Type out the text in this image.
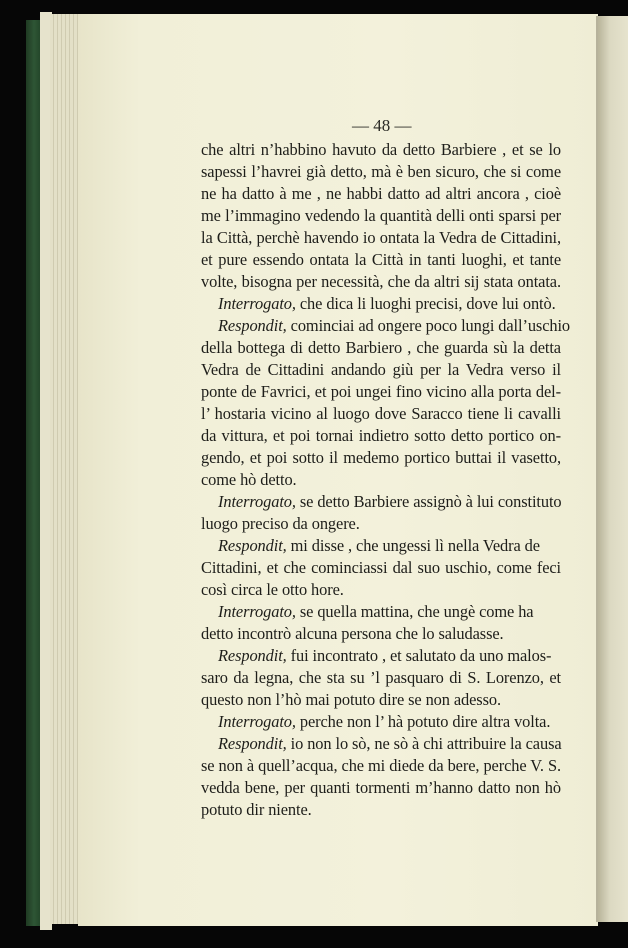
— 48 —
che altri n’habbino havuto da detto Barbiere , et se lo
sapessi l’havrei già detto, mà è ben sicuro, che si come
ne ha datto à me , ne habbi datto ad altri ancora , cioè
me l’immagino vedendo la quantità delli onti sparsi per
la Città, perchè havendo io ontata la Vedra de Cittadini,
et pure essendo ontata la Città in tanti luoghi, et tante
volte, bisogna per necessità, che da altri sij stata ontata.
Interrogato, che dica li luoghi precisi, dove lui ontò.
Respondit, cominciai ad ongere poco lungi dall’uschio
della bottega di detto Barbiero , che guarda sù la detta
Vedra de Cittadini andando giù per la Vedra verso il
ponte de Favrici, et poi ungei fino vicino alla porta del-
l’ hostaria vicino al luogo dove Saracco tiene li cavalli
da vittura, et poi tornai indietro sotto detto portico on-
gendo, et poi sotto il medemo portico buttai il vasetto,
come hò detto.
Interrogato, se detto Barbiere assignò à lui constituto
luogo preciso da ongere.
Respondit, mi disse , che ungessi lì nella Vedra de
Cittadini, et che cominciassi dal suo uschio, come feci
così circa le otto hore.
Interrogato, se quella mattina, che ungè come ha
detto incontrò alcuna persona che lo saludasse.
Respondit, fui incontrato , et salutato da uno malos-
saro da legna, che sta su ’l pasquaro di S. Lorenzo, et
questo non l’hò mai potuto dire se non adesso.
Interrogato, perche non l’ hà potuto dire altra volta.
Respondit, io non lo sò, ne sò à chi attribuire la causa
se non à quell’acqua, che mi diede da bere, perche V. S.
vedda bene, per quanti tormenti m’hanno datto non hò
potuto dir niente.
